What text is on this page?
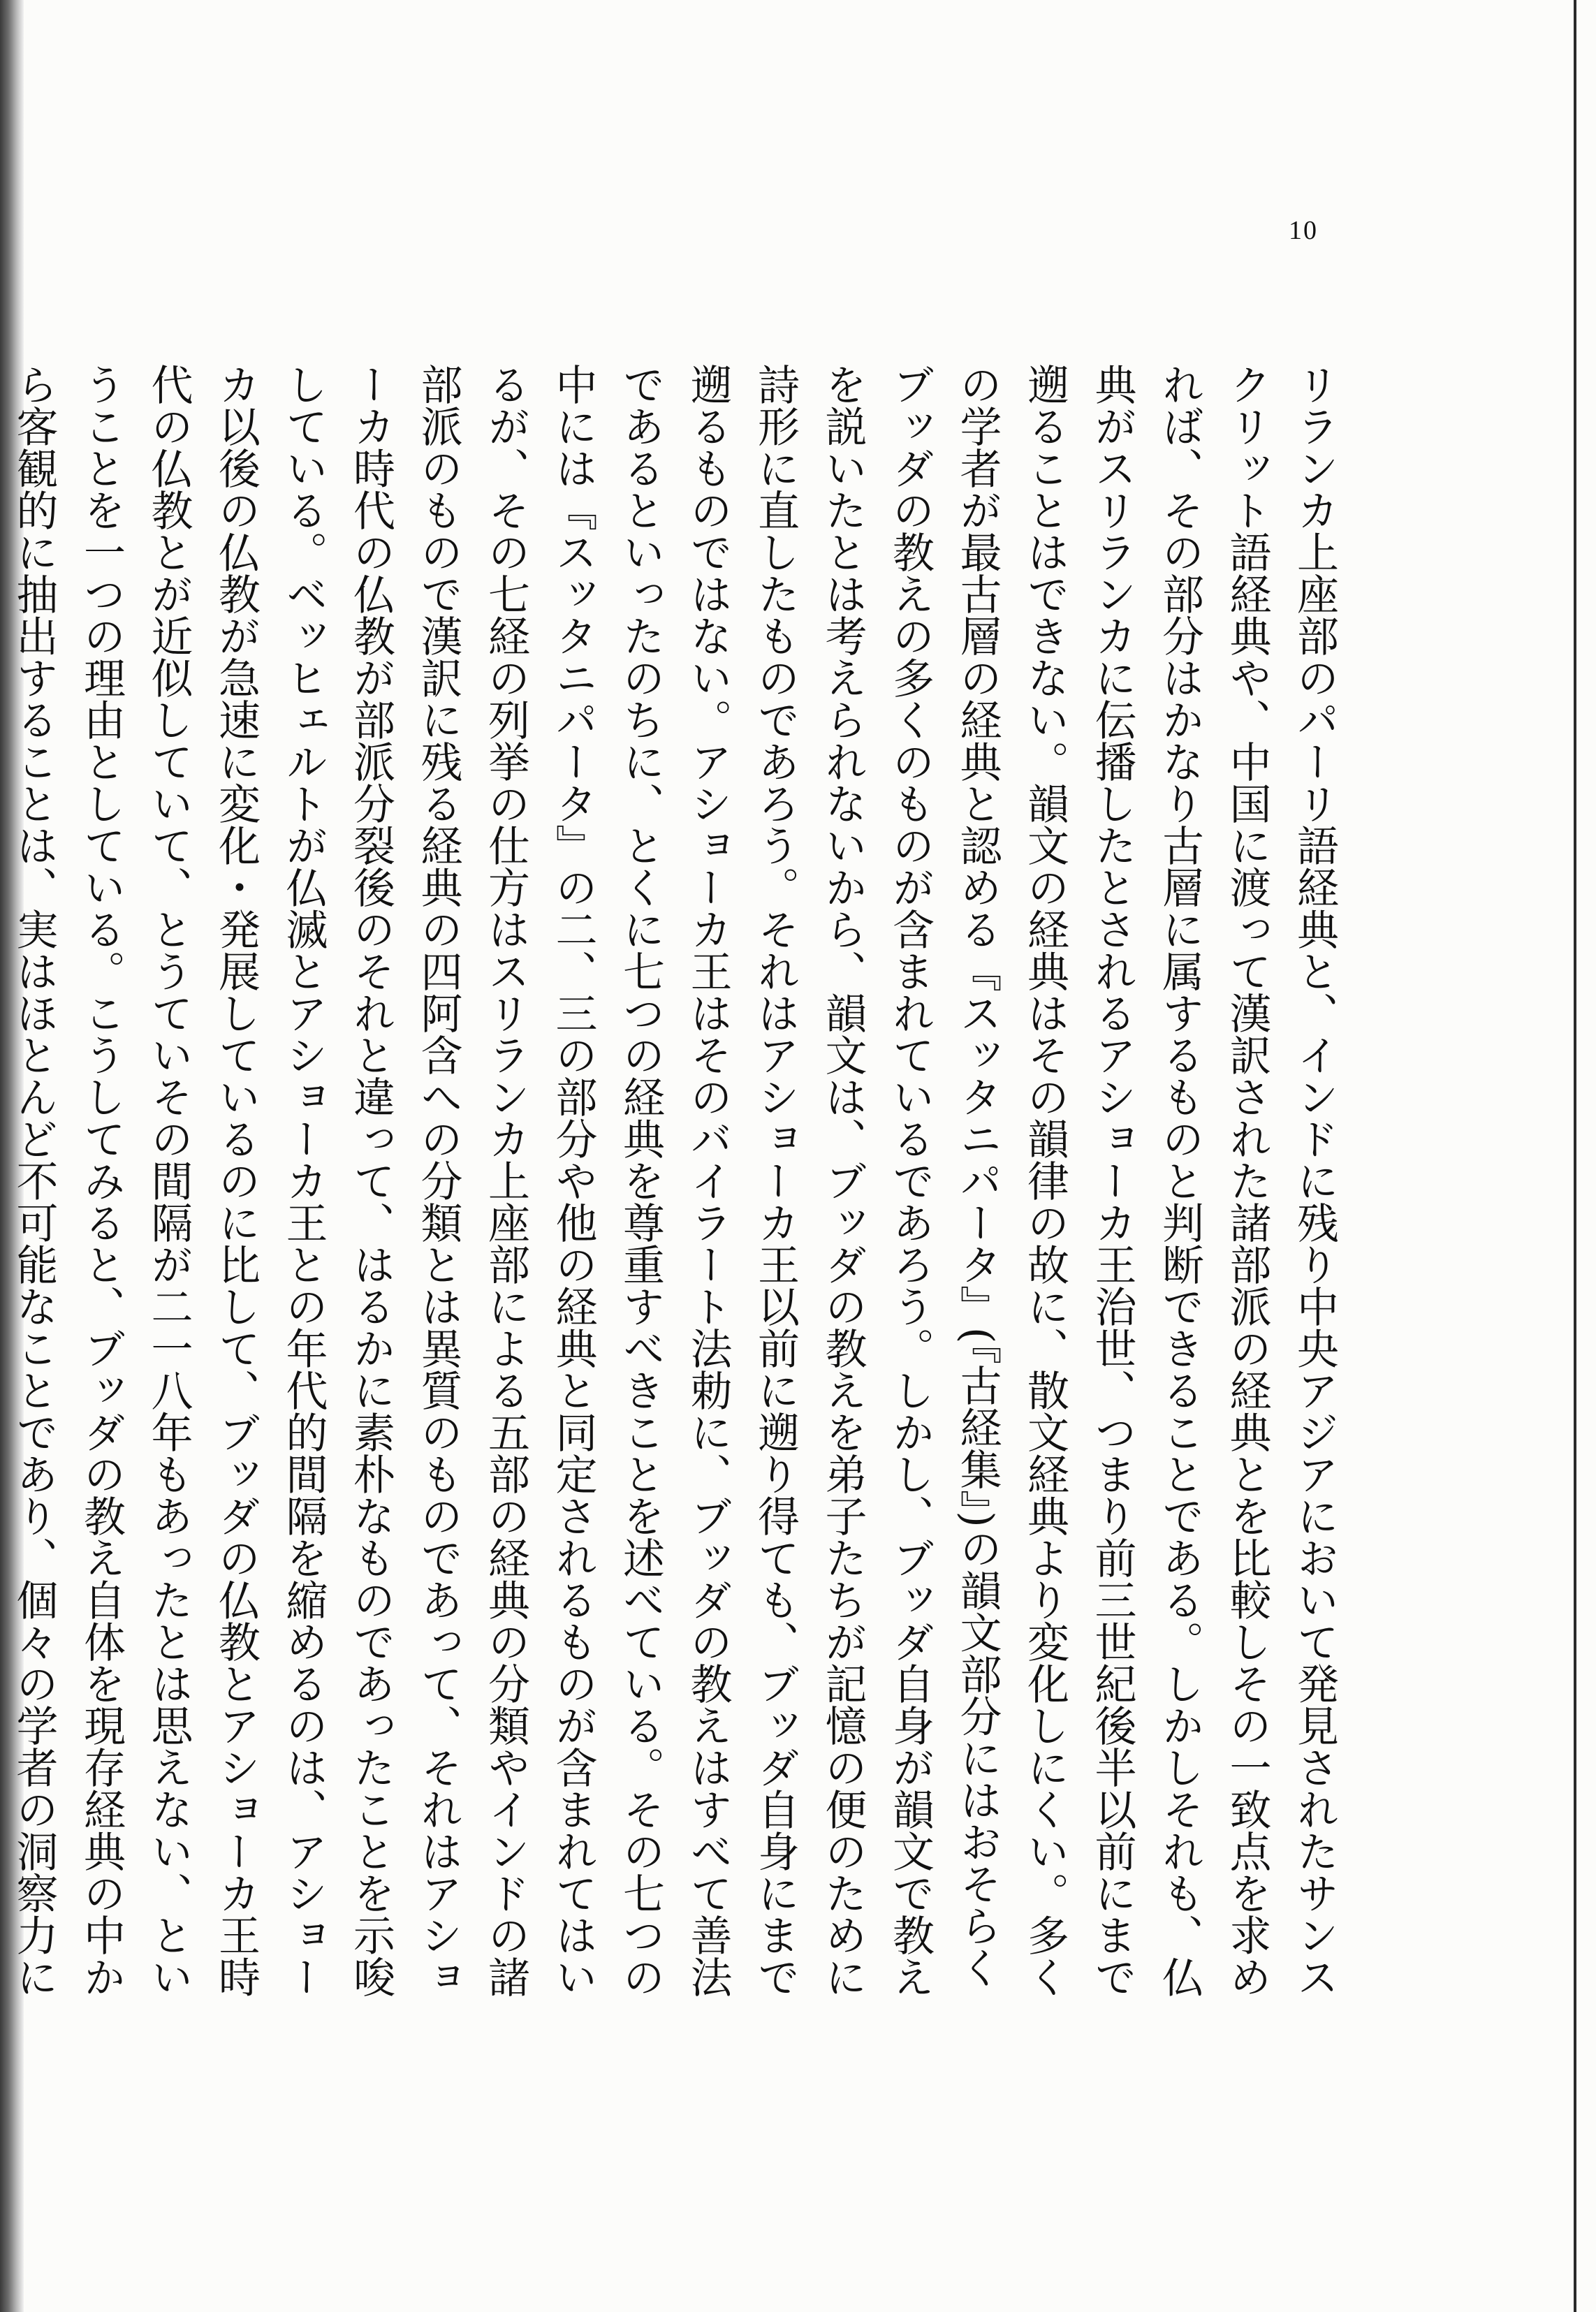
10

リランカ上座部のパーリ語経典と、インドに残り中央アジアにおいて発見されたサンスクリット語経典や、中国に渡って漢訳された諸部派の経典とを比較しその一致点を求めれば、その部分はかなり古層に属するものと判断できることである。しかしそれも、仏典がスリランカに伝播したとされるアショーカ王治世、つまり前三世紀後半以前にまで遡ることはできない。韻文の経典はその韻律の故に、散文経典より変化しにくい。多くの学者が最古層の経典と認める『スッタニパータ』(『古経集』)の韻文部分にはおそらくブッダの教えの多くのものが含まれているであろう。しかし、ブッダ自身が韻文で教えを説いたとは考えられないから、韻文は、ブッダの教えを弟子たちが記憶の便のために詩形に直したものであろう。それはアショーカ王以前に遡り得ても、ブッダ自身にまで遡るものではない。アショーカ王はそのバイラート法勅に、ブッダの教えはすべて善法であるといったのちに、とくに七つの経典を尊重すべきことを述べている。その七つの中には『スッタニパータ』の二、三の部分や他の経典と同定されるものが含まれてはいるが、その七経の列挙の仕方はスリランカ上座部による五部の経典の分類やインドの諸部派のもので漢訳に残る経典の四阿含への分類とは異質のものであって、それはアショーカ時代の仏教が部派分裂後のそれと違って、はるかに素朴なものであったことを示唆している。ベッヒェルトが仏滅とアショーカ王との年代的間隔を縮めるのは、アショーカ以後の仏教が急速に変化・発展しているのに比して、ブッダの仏教とアショーカ王時代の仏教とが近似していて、とうていその間隔が二一八年もあったとは思えない、ということを一つの理由としている。こうしてみると、ブッダの教え自体を現存経典の中から客観的に抽出することは、実はほとんど不可能なことであり、個々の学者の洞察力に
